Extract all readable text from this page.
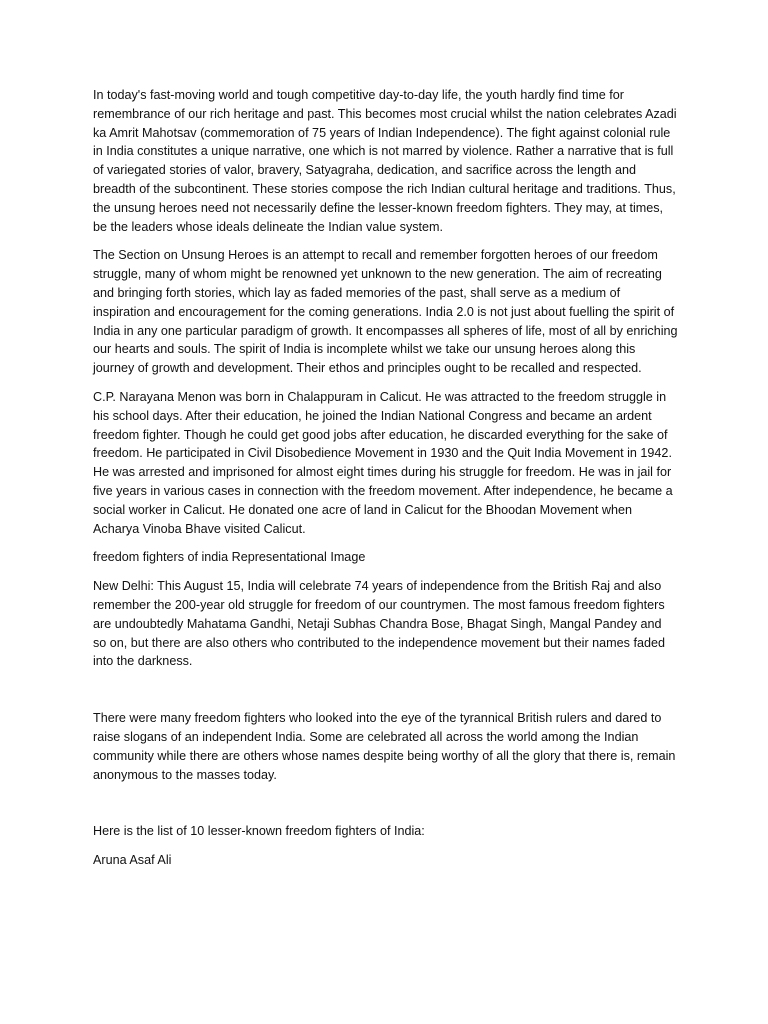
In today's fast-moving world and tough competitive day-to-day life, the youth hardly find time for remembrance of our rich heritage and past. This becomes most crucial whilst the nation celebrates Azadi ka Amrit Mahotsav (commemoration of 75 years of Indian Independence). The fight against colonial rule in India constitutes a unique narrative, one which is not marred by violence. Rather a narrative that is full of variegated stories of valor, bravery, Satyagraha, dedication, and sacrifice across the length and breadth of the subcontinent. These stories compose the rich Indian cultural heritage and traditions. Thus, the unsung heroes need not necessarily define the lesser-known freedom fighters. They may, at times, be the leaders whose ideals delineate the Indian value system.

The Section on Unsung Heroes is an attempt to recall and remember forgotten heroes of our freedom struggle, many of whom might be renowned yet unknown to the new generation. The aim of recreating and bringing forth stories, which lay as faded memories of the past, shall serve as a medium of inspiration and encouragement for the coming generations. India 2.0 is not just about fuelling the spirit of India in any one particular paradigm of growth. It encompasses all spheres of life, most of all by enriching our hearts and souls. The spirit of India is incomplete whilst we take our unsung heroes along this journey of growth and development. Their ethos and principles ought to be recalled and respected.

C.P. Narayana Menon was born in Chalappuram in Calicut. He was attracted to the freedom struggle in his school days. After their education, he joined the Indian National Congress and became an ardent freedom fighter. Though he could get good jobs after education, he discarded everything for the sake of freedom. He participated in Civil Disobedience Movement in 1930 and the Quit India Movement in 1942. He was arrested and imprisoned for almost eight times during his struggle for freedom. He was in jail for five years in various cases in connection with the freedom movement. After independence, he became a social worker in Calicut. He donated one acre of land in Calicut for the Bhoodan Movement when Acharya Vinoba Bhave visited Calicut.

freedom fighters of india Representational Image

New Delhi: This August 15, India will celebrate 74 years of independence from the British Raj and also remember the 200-year old struggle for freedom of our countrymen. The most famous freedom fighters are undoubtedly Mahatama Gandhi, Netaji Subhas Chandra Bose, Bhagat Singh, Mangal Pandey and so on, but there are also others who contributed to the independence movement but their names faded into the darkness.

There were many freedom fighters who looked into the eye of the tyrannical British rulers and dared to raise slogans of an independent India. Some are celebrated all across the world among the Indian community while there are others whose names despite being worthy of all the glory that there is, remain anonymous to the masses today.

Here is the list of 10 lesser-known freedom fighters of India:

Aruna Asaf Ali
